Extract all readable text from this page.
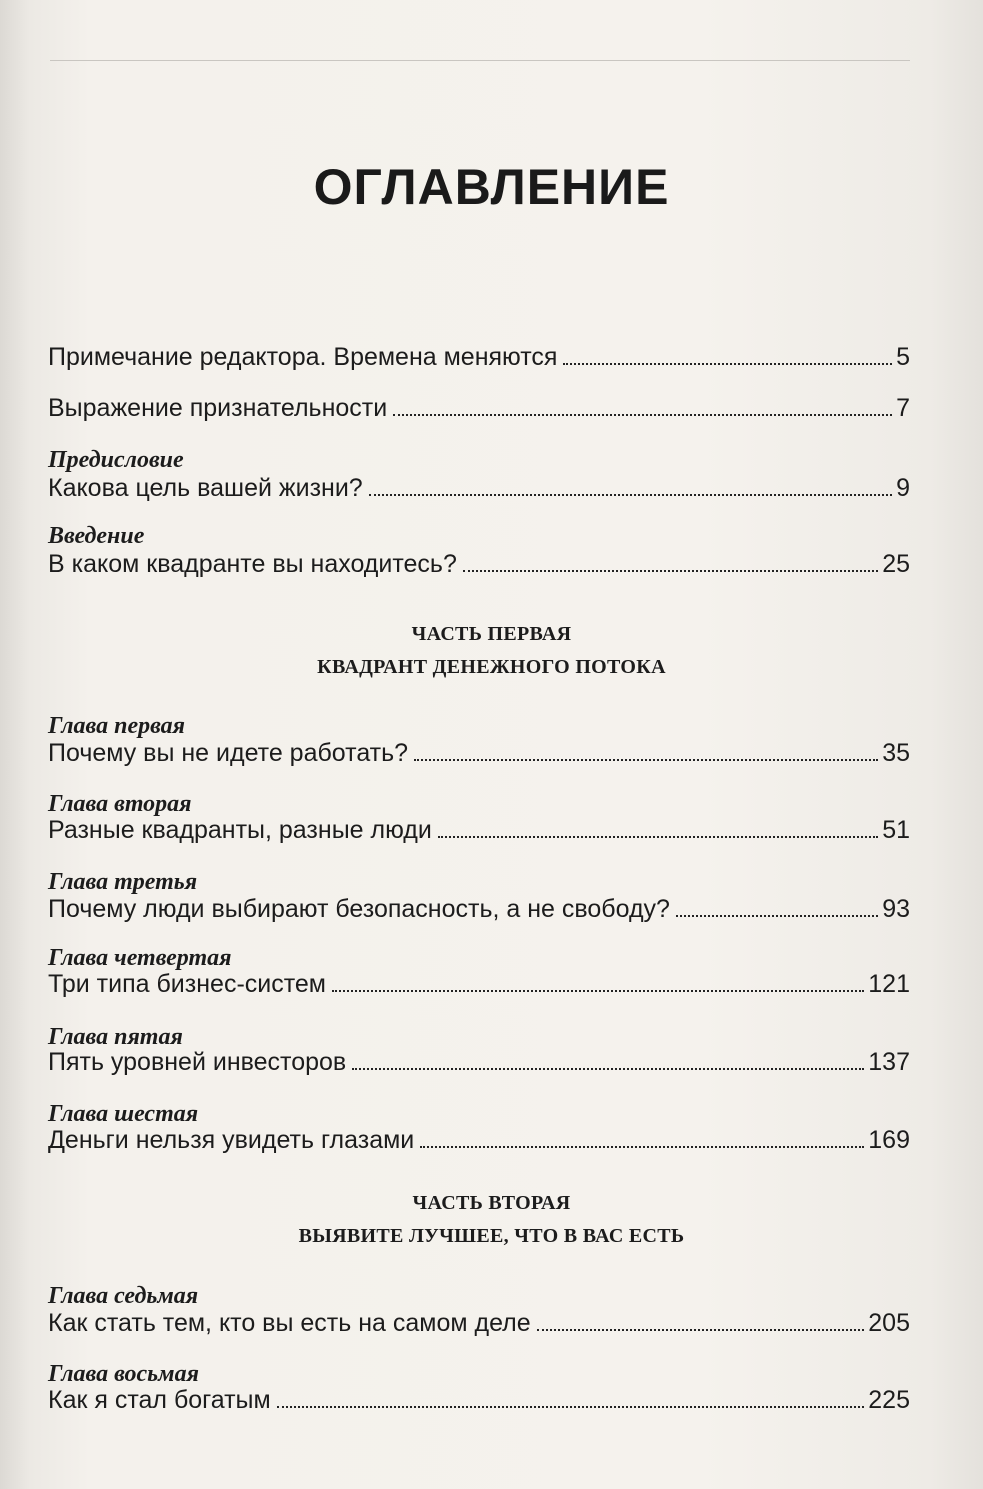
ОГЛАВЛЕНИЕ
Примечание редактора. Времена меняются	5
Выражение признательности	7
Предисловие
Какова цель вашей жизни?	9
Введение
В каком квадранте вы находитесь?	25
ЧАСТЬ ПЕРВАЯ
КВАДРАНТ ДЕНЕЖНОГО ПОТОКА
Глава первая
Почему вы не идете работать?	35
Глава вторая
Разные квадранты, разные люди	51
Глава третья
Почему люди выбирают безопасность, а не свободу?	93
Глава четвертая
Три типа бизнес-систем	121
Глава пятая
Пять уровней инвесторов	137
Глава шестая
Деньги нельзя увидеть глазами	169
ЧАСТЬ ВТОРАЯ
ВЫЯВИТЕ ЛУЧШЕЕ, ЧТО В ВАС ЕСТЬ
Глава седьмая
Как стать тем, кто вы есть на самом деле	205
Глава восьмая
Как я стал богатым	225
